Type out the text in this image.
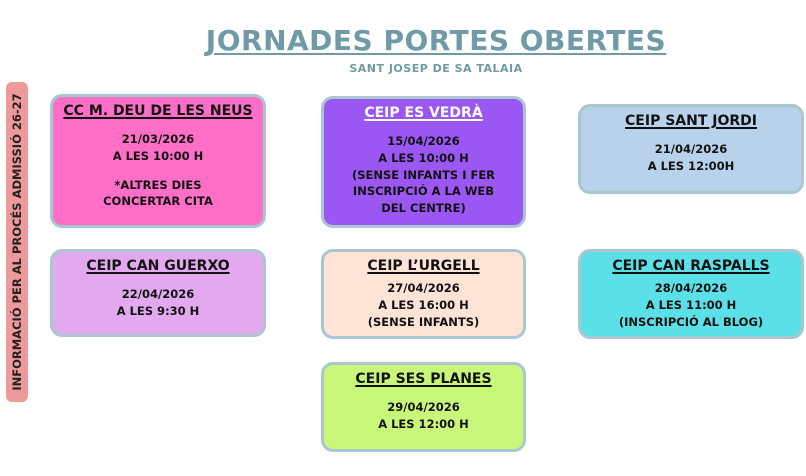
JORNADES PORTES OBERTES
SANT JOSEP DE SA TALAIA
INFORMACIÓ PER AL PROCÉS ADMISSIÓ 26-27	CC M. DEU DE LES NEUS
21/03/2026
A LES 10:00 H
*ALTRES DIES
CONCERTAR CITA
CEIP ES VEDRÀ
15/04/2026
A LES 10:00 H
(SENSE INFANTS I FER
INSCRIPCIÓ A LA WEB
DEL CENTRE)
CEIP SANT JORDI
21/04/2026
A LES 12:00H
CEIP CAN GUERXO
22/04/2026
A LES 9:30 H
CEIP L’URGELL
27/04/2026
A LES 16:00 H
(SENSE INFANTS)
CEIP CAN RASPALLS
28/04/2026
A LES 11:00 H
(INSCRIPCIÓ AL BLOG)
CEIP SES PLANES
29/04/2026
A LES 12:00 H
